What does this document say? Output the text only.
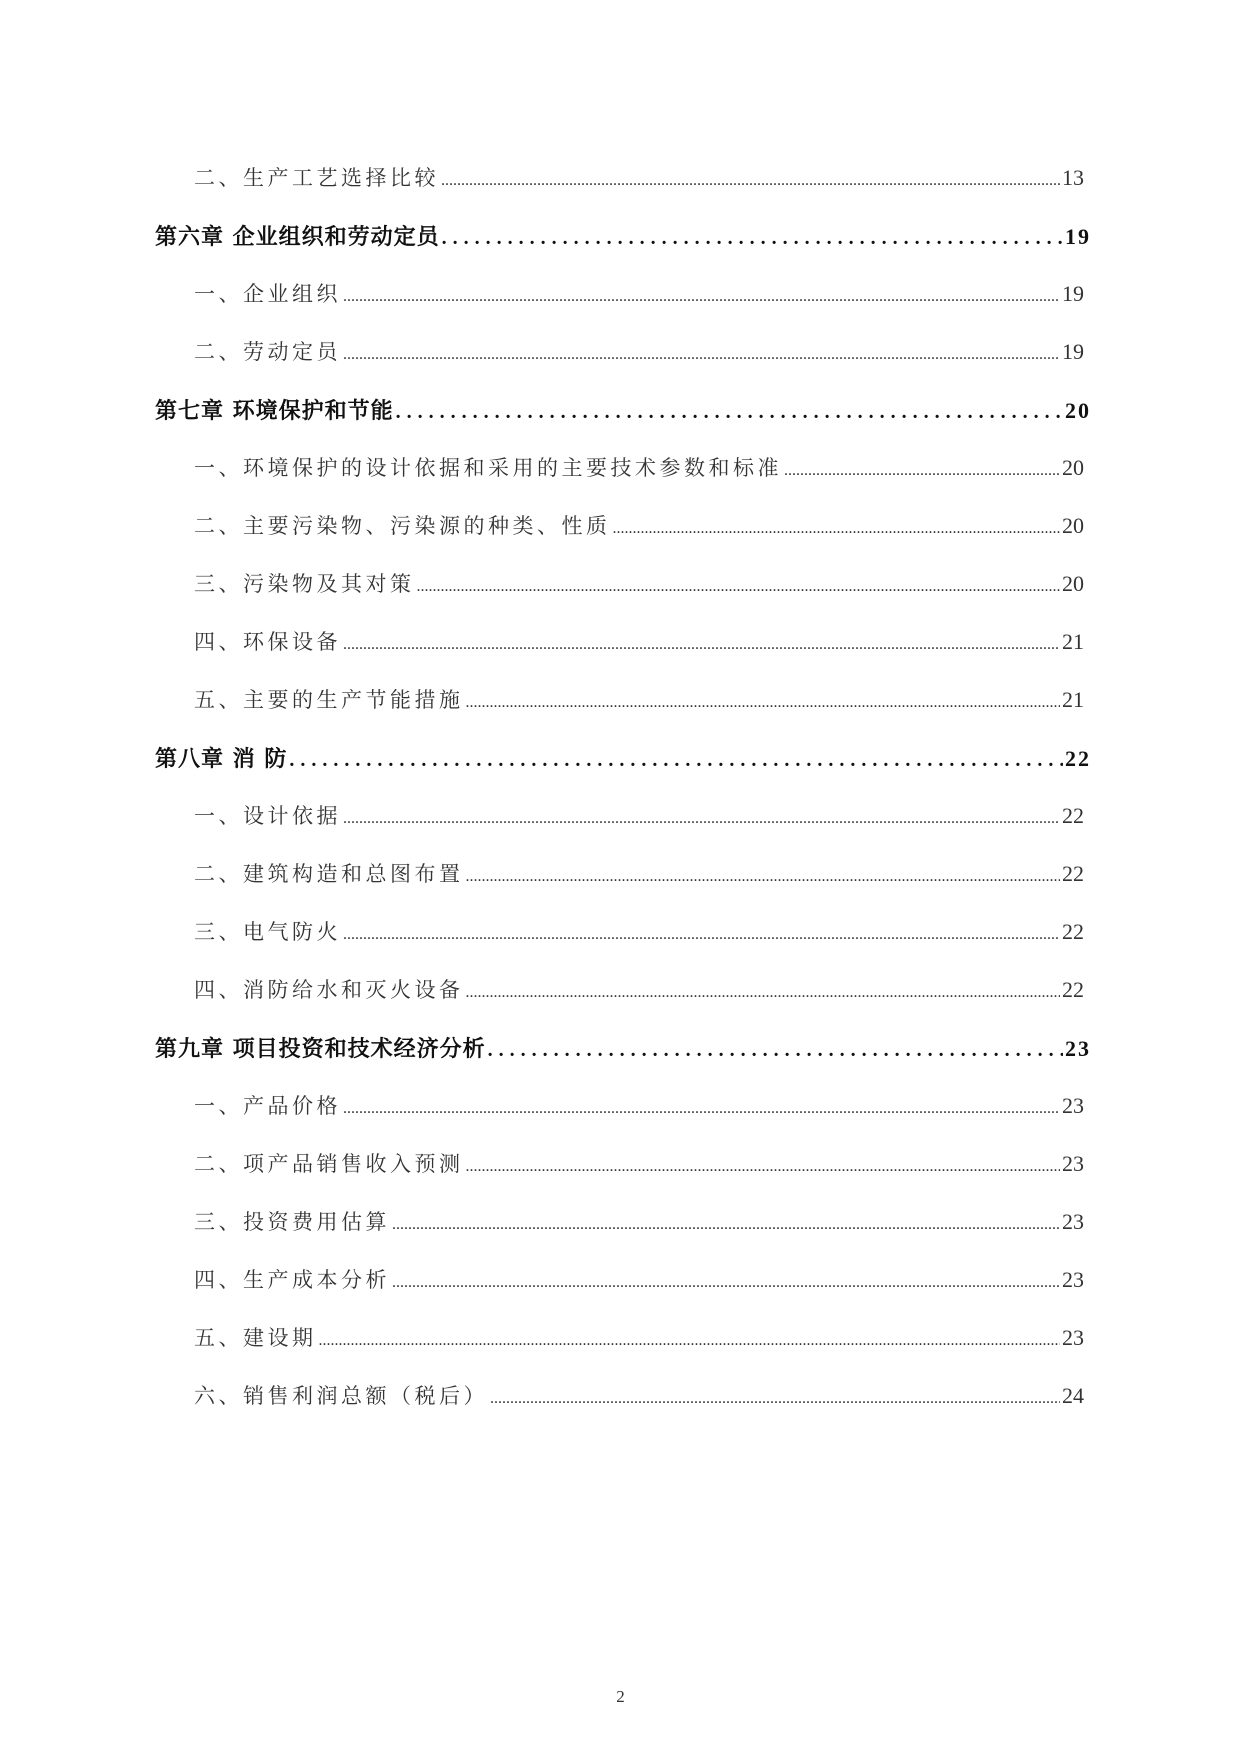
二、生产工艺选择比较 .....	13
第六章 企业组织和劳动定员 .....	19
一、企业组织 .....	19
二、劳动定员 .....	19
第七章 环境保护和节能 .....	20
一、环境保护的设计依据和采用的主要技术参数和标准 .....	20
二、主要污染物、污染源的种类、性质 .....	20
三、污染物及其对策 .....	20
四、环保设备 .....	21
五、主要的生产节能措施 .....	21
第八章 消 防 .....	22
一、设计依据 .....	22
二、建筑构造和总图布置 .....	22
三、电气防火 .....	22
四、消防给水和灭火设备 .....	22
第九章 项目投资和技术经济分析 .....	23
一、产品价格 .....	23
二、项产品销售收入预测 .....	23
三、投资费用估算 .....	23
四、生产成本分析 .....	23
五、建设期 .....	23
六、销售利润总额（税后） .....	24
2
